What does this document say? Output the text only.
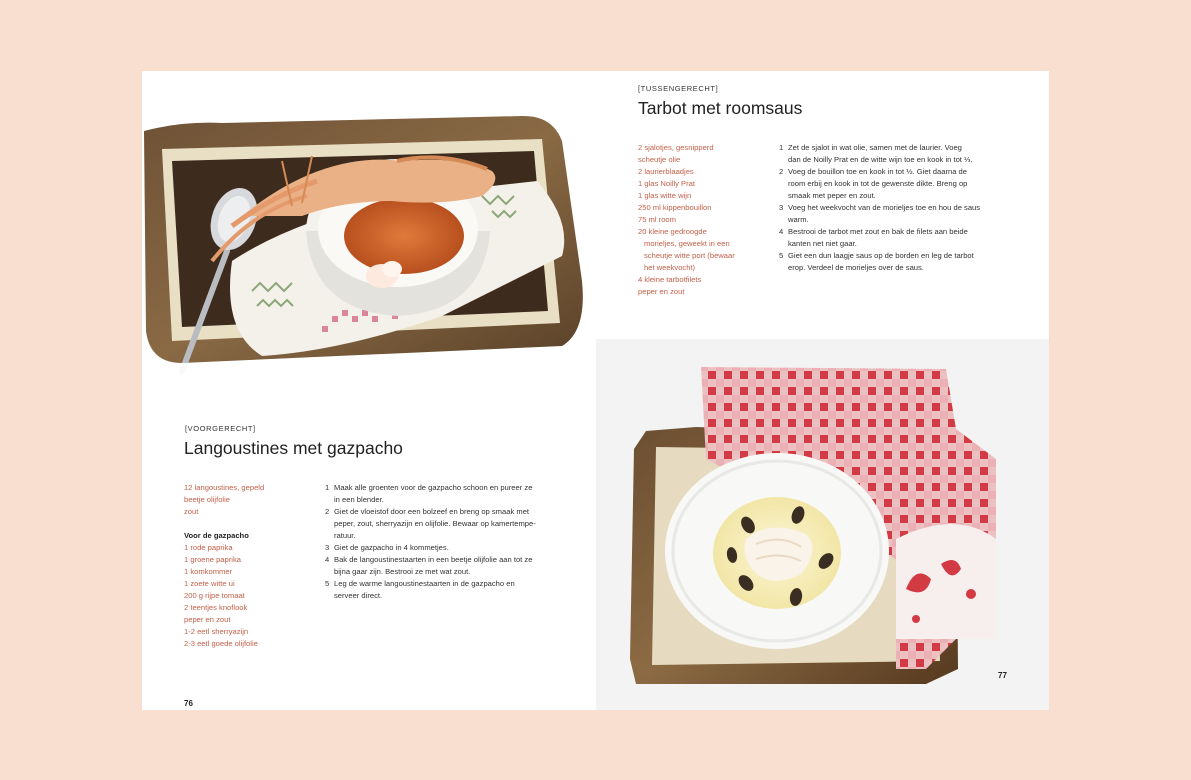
[VOORGERECHT]
Langoustines met gazpacho
12 langoustines, gepeld
beetje olijfolie
zout
Voor de gazpacho
1 rode paprika
1 groene paprika
1 komkommer
1 zoete witte ui
200 g rijpe tomaat
2 teentjes knoflook
peper en zout
1-2 eetl sherryazijn
2-3 eetl goede olijfolie
1 Maak alle groenten voor de gazpacho schoon en pureer ze
in een blender.
2 Giet de vloeistof door een bolzeef en breng op smaak met
peper, zout, sherryazijn en olijfolie. Bewaar op kamertempe-
ratuur.
3 Giet de gazpacho in 4 kommetjes.
4 Bak de langoustinestaarten in een beetje olijfolie aan tot ze
bijna gaar zijn. Bestrooi ze met wat zout.
5 Leg de warme langoustinestaarten in de gazpacho en
serveer direct.
76
[TUSSENGERECHT]
Tarbot met roomsaus
2 sjalotjes, gesnipperd
scheutje olie
2 laurierblaadjes
1 glas Noilly Prat
1 glas witte wijn
250 ml kippenbouillon
75 ml room
20 kleine gedroogde
morieljes, geweekt in een
scheutje witte port (bewaar
het weekvocht)
4 kleine tarbotfilets
peper en zout
1 Zet de sjalot in wat olie, samen met de laurier. Voeg
dan de Noilly Prat en de witte wijn toe en kook in tot ⅓.
2 Voeg de bouillon toe en kook in tot ½. Giet daarna de
room erbij en kook in tot de gewenste dikte. Breng op
smaak met peper en zout.
3 Voeg het weekvocht van de morieljes toe en hou de saus
warm.
4 Bestrooi de tarbot met zout en bak de filets aan beide
kanten net niet gaar.
5 Giet een dun laagje saus op de borden en leg de tarbot
erop. Verdeel de morieljes over de saus.
77
